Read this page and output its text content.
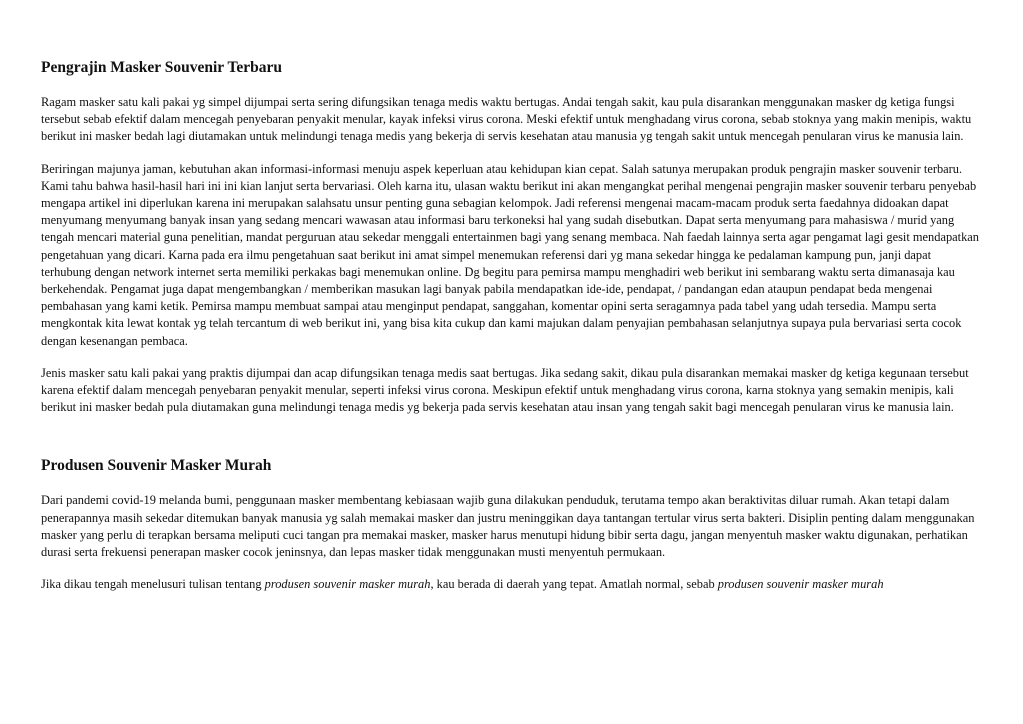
Pengrajin Masker Souvenir Terbaru

Ragam masker satu kali pakai yg simpel dijumpai serta sering difungsikan tenaga medis waktu bertugas. Andai tengah sakit, kau pula disarankan menggunakan masker dg ketiga fungsi tersebut sebab efektif dalam mencegah penyebaran penyakit menular, kayak infeksi virus corona. Meski efektif untuk menghadang virus corona, sebab stoknya yang makin menipis, waktu berikut ini masker bedah lagi diutamakan untuk melindungi tenaga medis yang bekerja di servis kesehatan atau manusia yg tengah sakit untuk mencegah penularan virus ke manusia lain.

Beriringan majunya jaman, kebutuhan akan informasi-informasi menuju aspek keperluan atau kehidupan kian cepat. Salah satunya merupakan produk pengrajin masker souvenir terbaru. Kami tahu bahwa hasil-hasil hari ini ini kian lanjut serta bervariasi. Oleh karna itu, ulasan waktu berikut ini akan mengangkat perihal mengenai pengrajin masker souvenir terbaru penyebab mengapa artikel ini diperlukan karena ini merupakan salahsatu unsur penting guna sebagian kelompok. Jadi referensi mengenai macam-macam produk serta faedahnya didoakan dapat menyumang menyumang banyak insan yang sedang mencari wawasan atau informasi baru terkoneksi hal yang sudah disebutkan. Dapat serta menyumang para mahasiswa / murid yang tengah mencari material guna penelitian, mandat perguruan atau sekedar menggali entertainmen bagi yang senang membaca. Nah faedah lainnya serta agar pengamat lagi gesit mendapatkan pengetahuan yang dicari. Karna pada era ilmu pengetahuan saat berikut ini amat simpel menemukan referensi dari yg mana sekedar hingga ke pedalaman kampung pun, janji dapat terhubung dengan network internet serta memiliki perkakas bagi menemukan online. Dg begitu para pemirsa mampu menghadiri web berikut ini sembarang waktu serta dimanasaja kau berkehendak. Pengamat juga dapat mengembangkan / memberikan masukan lagi banyak pabila mendapatkan ide-ide, pendapat, / pandangan edan ataupun pendapat beda mengenai pembahasan yang kami ketik. Pemirsa mampu membuat sampai atau menginput pendapat, sanggahan, komentar opini serta seragamnya pada tabel yang udah tersedia. Mampu serta mengkontak kita lewat kontak yg telah tercantum di web berikut ini, yang bisa kita cukup dan kami majukan dalam penyajian pembahasan selanjutnya supaya pula bervariasi serta cocok dengan kesenangan pembaca.

Jenis masker satu kali pakai yang praktis dijumpai dan acap difungsikan tenaga medis saat bertugas. Jika sedang sakit, dikau pula disarankan memakai masker dg ketiga kegunaan tersebut karena efektif dalam mencegah penyebaran penyakit menular, seperti infeksi virus corona. Meskipun efektif untuk menghadang virus corona, karna stoknya yang semakin menipis, kali berikut ini masker bedah pula diutamakan guna melindungi tenaga medis yg bekerja pada servis kesehatan atau insan yang tengah sakit bagi mencegah penularan virus ke manusia lain.

Produsen Souvenir Masker Murah

Dari pandemi covid-19 melanda bumi, penggunaan masker membentang kebiasaan wajib guna dilakukan penduduk, terutama tempo akan beraktivitas diluar rumah. Akan tetapi dalam penerapannya masih sekedar ditemukan banyak manusia yg salah memakai masker dan justru meninggikan daya tantangan tertular virus serta bakteri. Disiplin penting dalam menggunakan masker yang perlu di terapkan bersama meliputi cuci tangan pra memakai masker, masker harus menutupi hidung bibir serta dagu, jangan menyentuh masker waktu digunakan, perhatikan durasi serta frekuensi penerapan masker cocok jeninsnya, dan lepas masker tidak menggunakan musti menyentuh permukaan.

Jika dikau tengah menelusuri tulisan tentang produsen souvenir masker murah, kau berada di daerah yang tepat. Amatlah normal, sebab produsen souvenir masker murah
